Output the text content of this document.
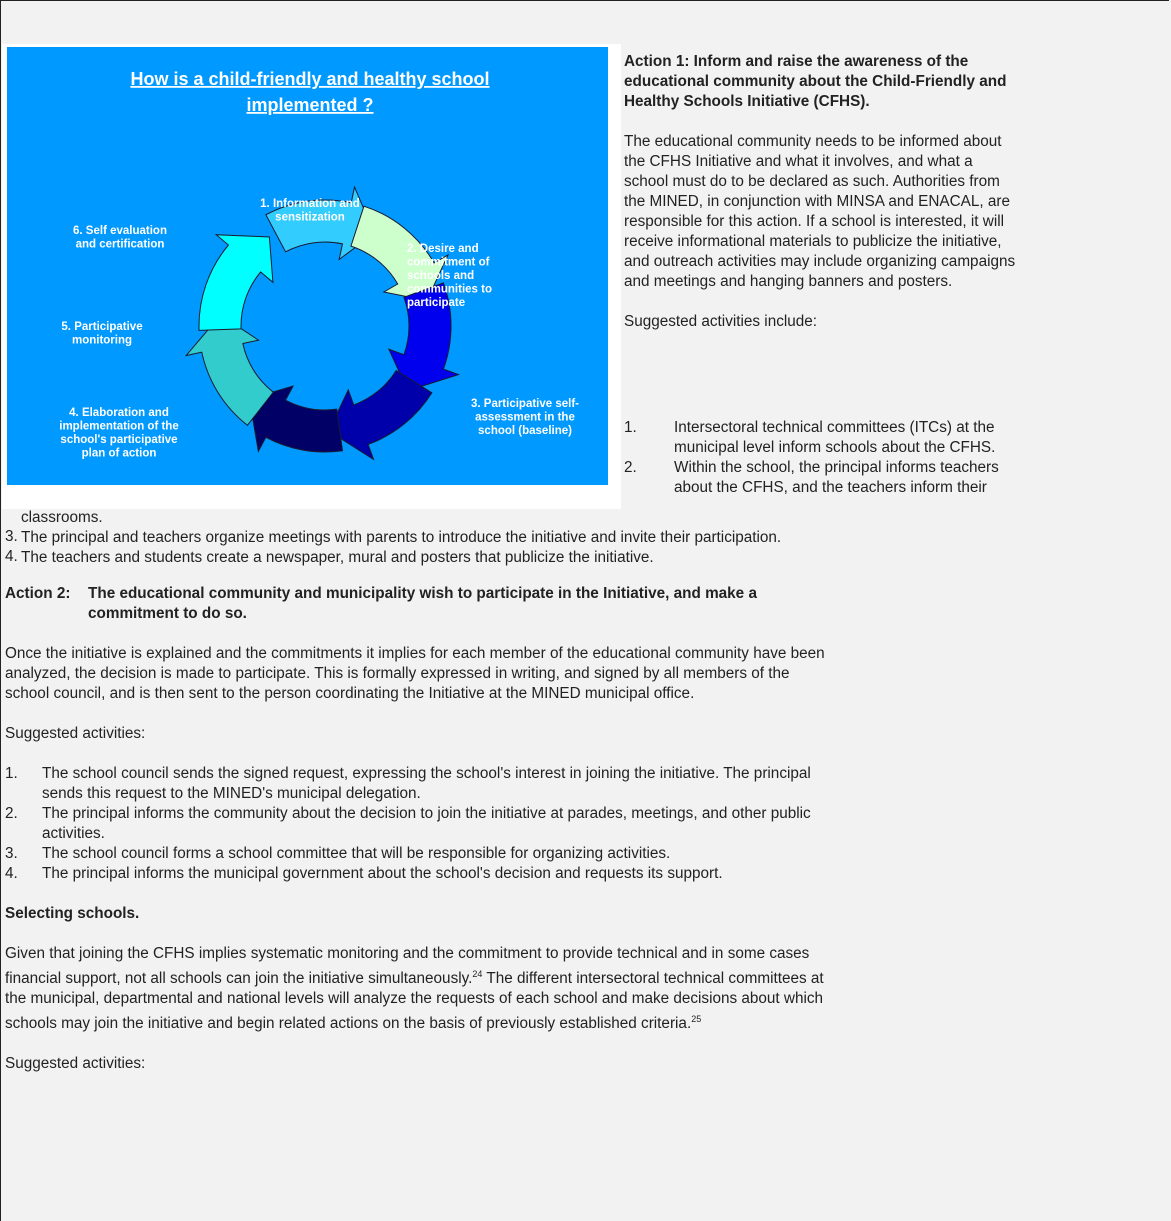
How is a child-friendly and healthy school
implemented ?
1. Information and sensitization
2. Desire and commitment of schools and communities to participate
3. Participative self-assessment in the school (baseline)
4. Elaboration and implementation of the school's participative plan of action
5. Participative monitoring
6. Self evaluation and certification

Action 1: Inform and raise the awareness of the

educational community about the Child-Friendly and

Healthy Schools Initiative (CFHS).

The educational community needs to be informed about

the CFHS Initiative and what it involves, and what a

school must do to be declared as such. Authorities from

the MINED, in conjunction with MINSA and ENACAL, are

responsible for this action. If a school is interested, it will

receive informational materials to publicize the initiative,

and outreach activities may include organizing campaigns

and meetings and hanging banners and posters.

Suggested activities include:

1.	Intersectoral technical committees (ITCs) at the

municipal level inform schools about the CFHS.

2.	Within the school, the principal informs teachers

about the CFHS, and the teachers inform their

classrooms.

3. The principal and teachers organize meetings with parents to introduce the initiative and invite their participation.

4. The teachers and students create a newspaper, mural and posters that publicize the initiative.

Action 2: The educational community and municipality wish to participate in the Initiative, and make a

commitment to do so.

Once the initiative is explained and the commitments it implies for each member of the educational community have been

analyzed, the decision is made to participate. This is formally expressed in writing, and signed by all members of the

school council, and is then sent to the person coordinating the Initiative at the MINED municipal office.

Suggested activities:

1.	The school council sends the signed request, expressing the school's interest in joining the initiative. The principal

sends this request to the MINED's municipal delegation.

2.	The principal informs the community about the decision to join the initiative at parades, meetings, and other public

activities.

3.	The school council forms a school committee that will be responsible for organizing activities.

4.	The principal informs the municipal government about the school's decision and requests its support.

Selecting schools.

Given that joining the CFHS implies systematic monitoring and the commitment to provide technical and in some cases

financial support, not all schools can join the initiative simultaneously.$^{24}$ The different intersectoral technical committees at

the municipal, departmental and national levels will analyze the requests of each school and make decisions about which

schools may join the initiative and begin related actions on the basis of previously established criteria.$^{25}$

Suggested activities:
